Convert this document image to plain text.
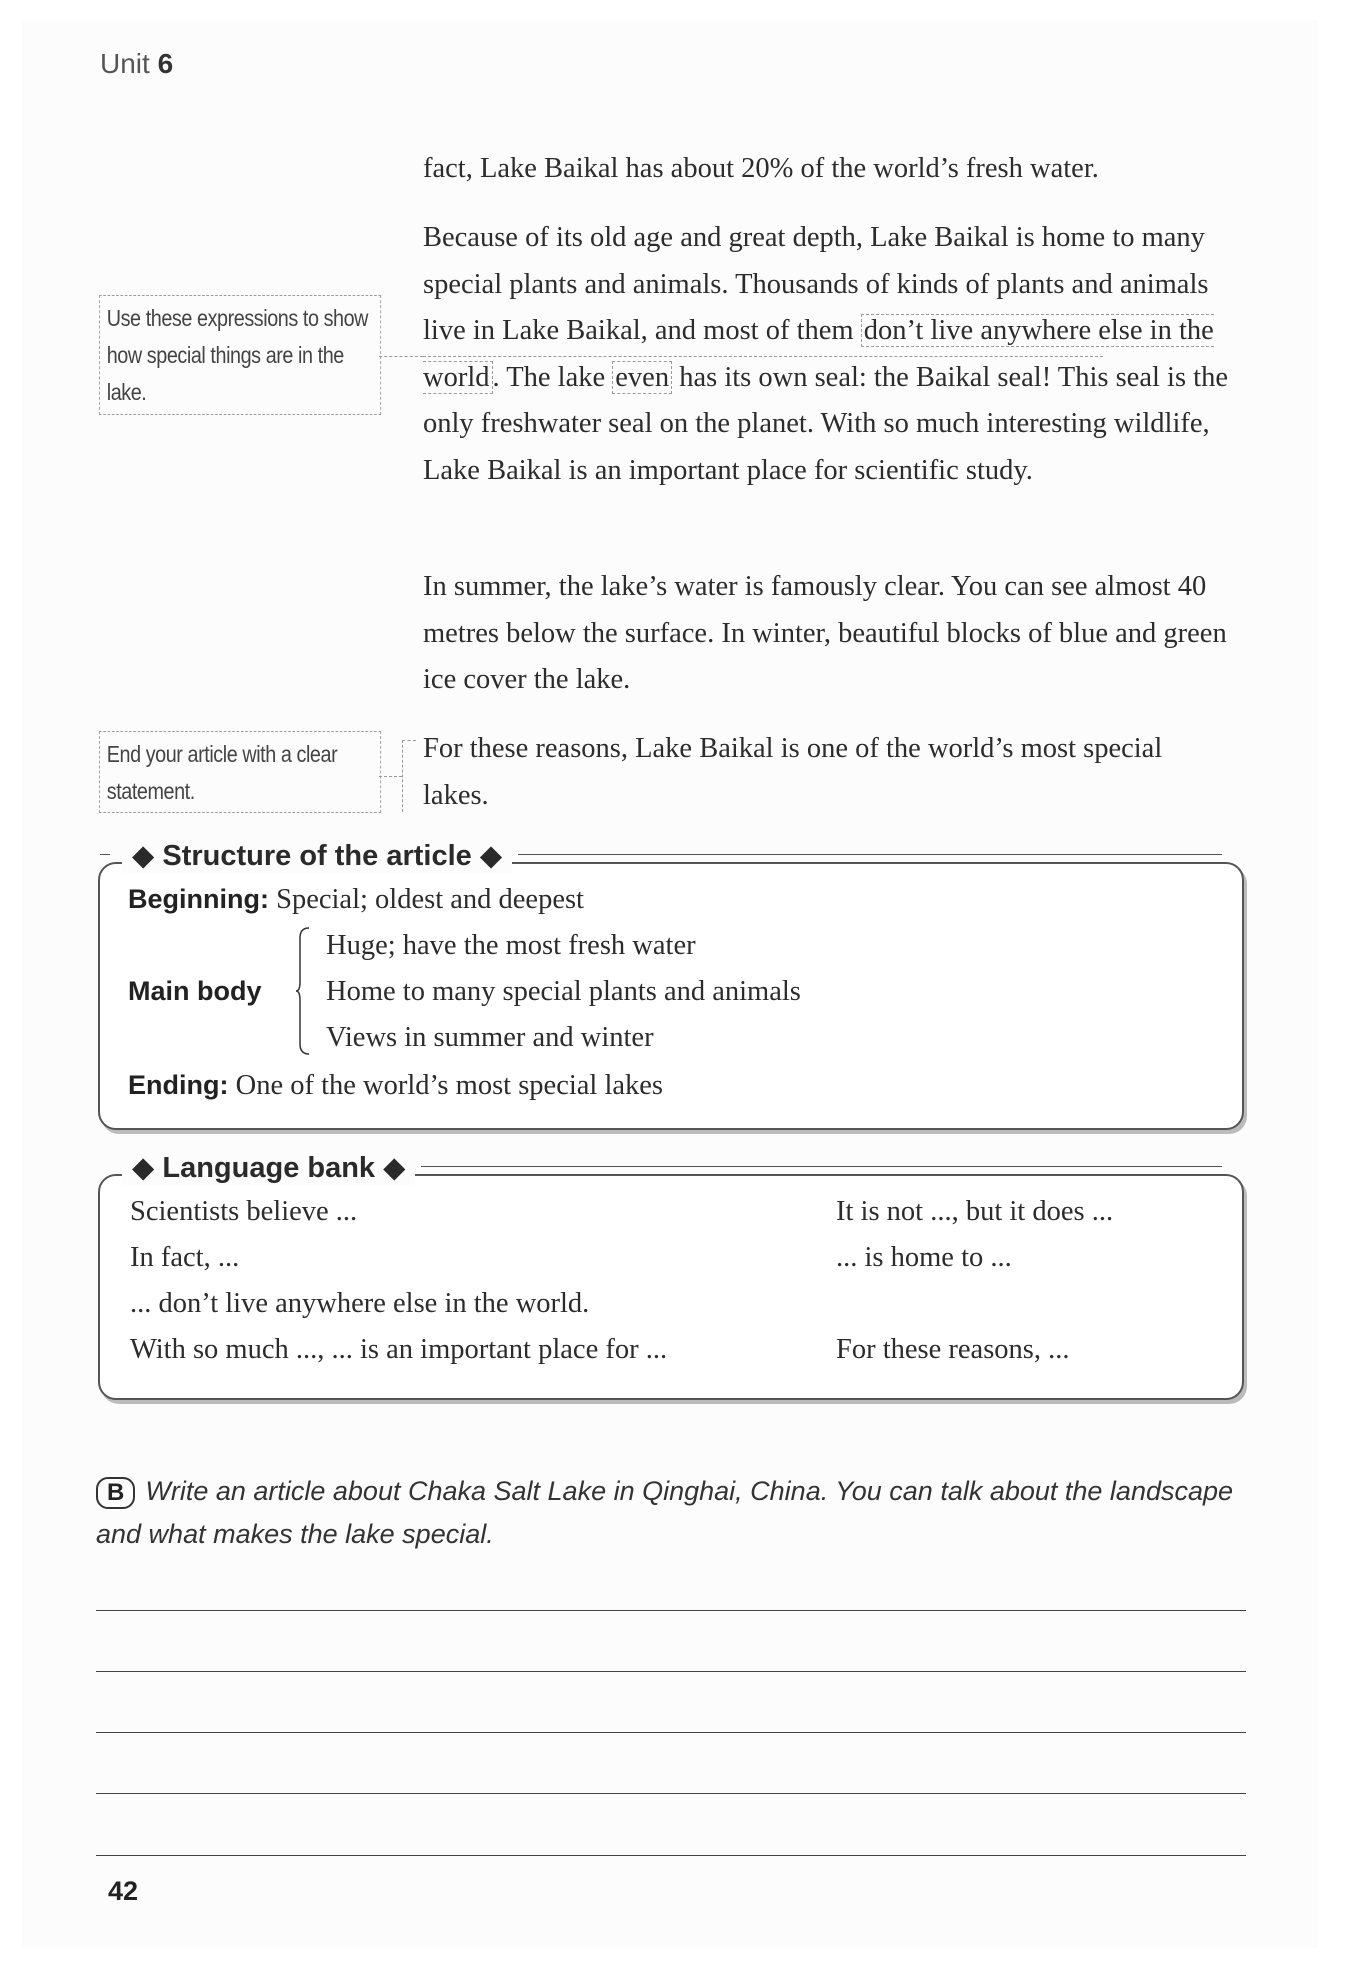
Unit 6

fact, Lake Baikal has about 20% of the world’s fresh water.

Because of its old age and great depth, Lake Baikal is home to many special plants and animals. Thousands of kinds of plants and animals live in Lake Baikal, and most of them don’t live anywhere else in the world . The lake even has its own seal: the Baikal seal! This seal is the only freshwater seal on the planet. With so much interesting wildlife, Lake Baikal is an important place for scientific study.

In summer, the lake’s water is famously clear. You can see almost 40 metres below the surface. In winter, beautiful blocks of blue and green ice cover the lake.

For these reasons, Lake Baikal is one of the world’s most special lakes.

Use these expressions to show how special things are in the lake.
End your article with a clear statement.
◆ Structure of the article ◆
Beginning: Special; oldest and deepest
Main body
Huge; have the most fresh water
Home to many special plants and animals
Views in summer and winter
Ending: One of the world’s most special lakes
◆ Language bank ◆
Scientists believe ...
In fact, ...
... don’t live anywhere else in the world.
With so much ..., ... is an important place for ...
It is not ..., but it does ...
... is home to ...
For these reasons, ...
B Write an article about Chaka Salt Lake in Qinghai, China. You can talk about the landscape and what makes the lake special.
42
